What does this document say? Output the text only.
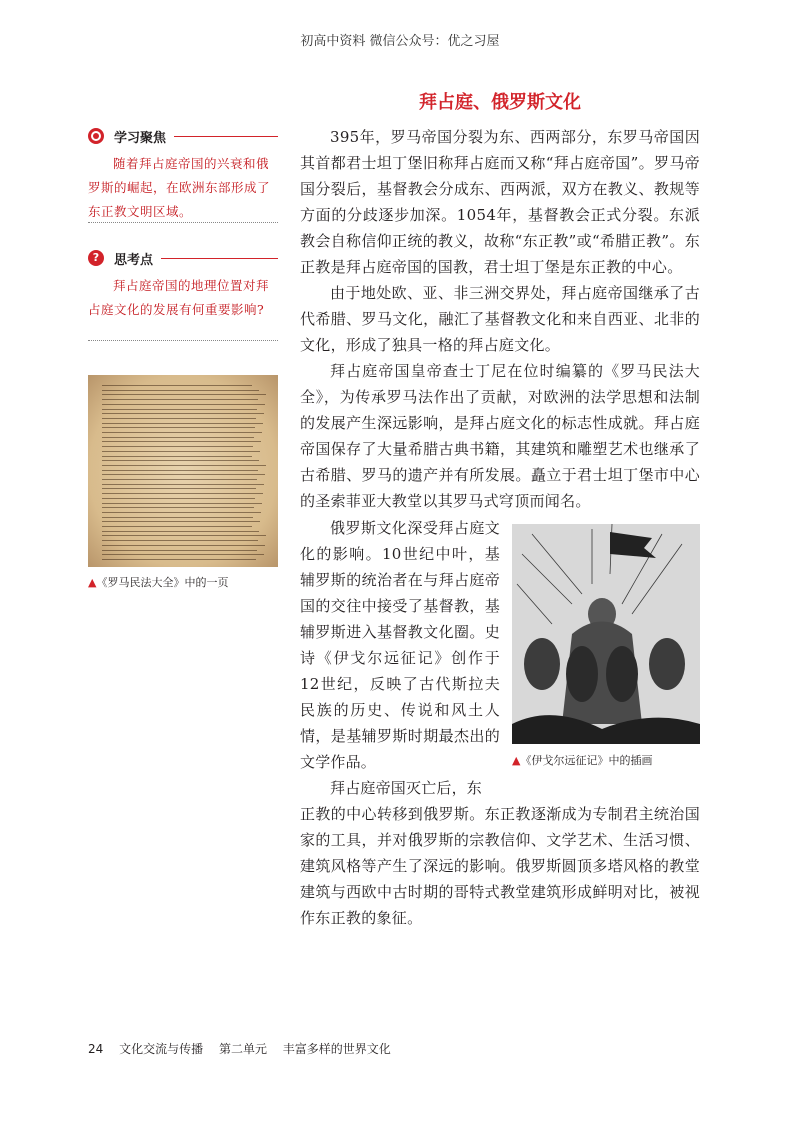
初高中资料 微信公众号：优之习屋
拜占庭、俄罗斯文化
学习聚焦
随着拜占庭帝国的兴衰和俄罗斯的崛起，在欧洲东部形成了东正教文明区域。
?	思考点
拜占庭帝国的地理位置对拜占庭文化的发展有何重要影响?
▲《罗马民法大全》中的一页

395年，罗马帝国分裂为东、西两部分，东罗马帝国因其首都君士坦丁堡旧称拜占庭而又称“拜占庭帝国”。罗马帝国分裂后，基督教会分成东、西两派，双方在教义、教规等方面的分歧逐步加深。1054年，基督教会正式分裂。东派教会自称信仰正统的教义，故称“东正教”或“希腊正教”。东正教是拜占庭帝国的国教，君士坦丁堡是东正教的中心。

由于地处欧、亚、非三洲交界处，拜占庭帝国继承了古代希腊、罗马文化，融汇了基督教文化和来自西亚、北非的文化，形成了独具一格的拜占庭文化。

拜占庭帝国皇帝查士丁尼在位时编纂的《罗马民法大全》，为传承罗马法作出了贡献，对欧洲的法学思想和法制的发展产生深远影响，是拜占庭文化的标志性成就。拜占庭帝国保存了大量希腊古典书籍，其建筑和雕塑艺术也继承了古希腊、罗马的遗产并有所发展。矗立于君士坦丁堡市中心的圣索菲亚大教堂以其罗马式穹顶而闻名。

俄罗斯文化深受拜占庭文化的影响。10世纪中叶，基辅罗斯的统治者在与拜占庭帝国的交往中接受了基督教，基辅罗斯进入基督教文化圈。史诗《伊戈尔远征记》创作于12世纪，反映了古代斯拉夫民族的历史、传说和风土人情，是基辅罗斯时期最杰出的文学作品。

拜占庭帝国灭亡后，东

▲《伊戈尔远征记》中的插画

正教的中心转移到俄罗斯。东正教逐渐成为专制君主统治国家的工具，并对俄罗斯的宗教信仰、文学艺术、生活习惯、建筑风格等产生了深远的影响。俄罗斯圆顶多塔风格的教堂建筑与西欧中古时期的哥特式教堂建筑形成鲜明对比，被视作东正教的象征。

24 文化交流与传播 第二单元 丰富多样的世界文化
